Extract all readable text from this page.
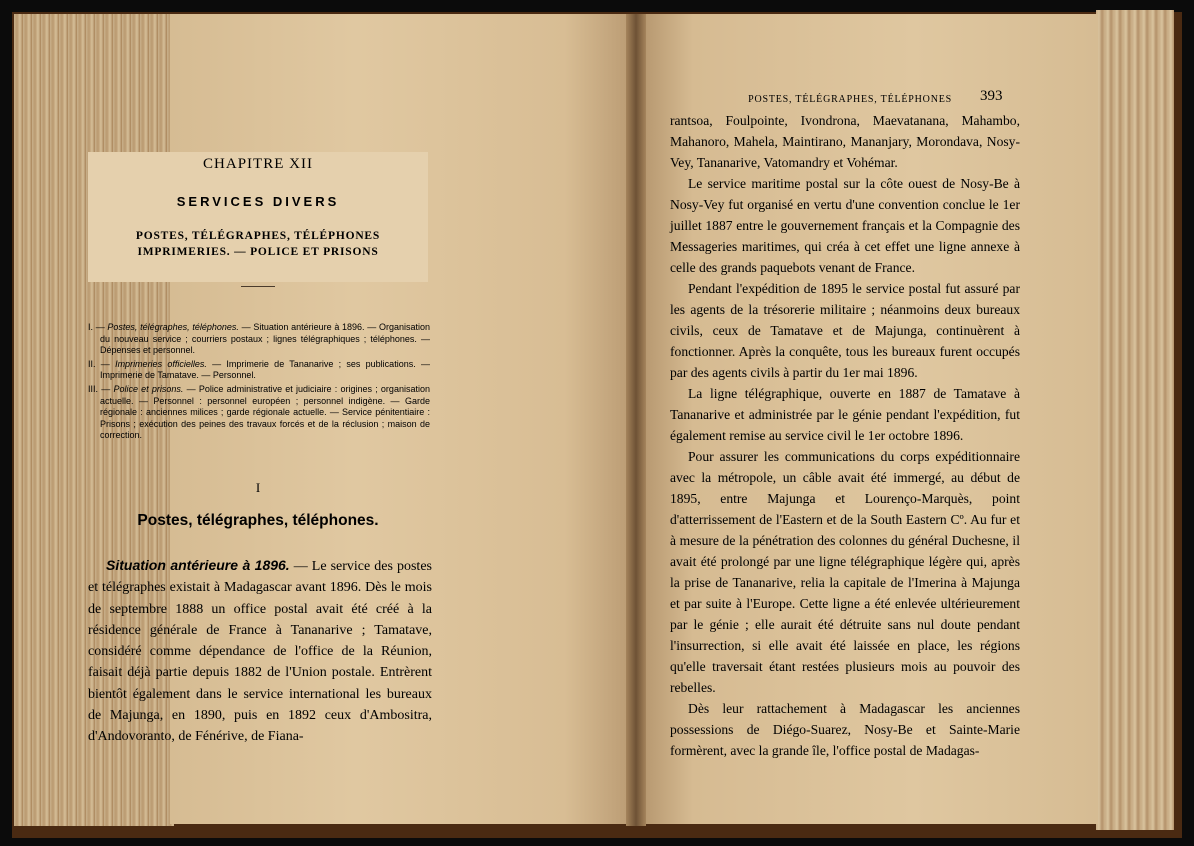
CHAPITRE XII
SERVICES DIVERS
POSTES, TÉLÉGRAPHES, TÉLÉPHONES
IMPRIMERIES. — POLICE ET PRISONS

I. — Postes, télégraphes, téléphones. — Situation antérieure à 1896. — Organisation du nouveau service ; courriers postaux ; lignes télégraphiques ; téléphones. — Dépenses et personnel.

II. — Imprimeries officielles. — Imprimerie de Tananarive ; ses publications. — Imprimerie de Tamatave. — Personnel.

III. — Police et prisons. — Police administrative et judiciaire : origines ; organisation actuelle. — Personnel : personnel européen ; personnel indigène. — Garde régionale : anciennes milices ; garde régionale actuelle. — Service pénitentiaire : Prisons ; exécution des peines des travaux forcés et de la réclusion ; maison de correction.

I
Postes, télégraphes, téléphones.

Situation antérieure à 1896. — Le service des postes et télégraphes existait à Madagascar avant 1896. Dès le mois de septembre 1888 un office postal avait été créé à la résidence générale de France à Tananarive ; Tamatave, considéré comme dépendance de l'office de la Réunion, faisait déjà partie depuis 1882 de l'Union postale. Entrèrent bientôt également dans le service international les bureaux de Majunga, en 1890, puis en 1892 ceux d'Ambositra, d'Andovoranto, de Fénérive, de Fiana-

POSTES, TÉLÉGRAPHES, TÉLÉPHONES 393

rantsoa, Foulpointe, Ivondrona, Maevatanana, Mahambo, Mahanoro, Mahela, Maintirano, Mananjary, Morondava, Nosy-Vey, Tananarive, Vatomandry et Vohémar.

Le service maritime postal sur la côte ouest de Nosy-Be à Nosy-Vey fut organisé en vertu d'une convention conclue le 1er juillet 1887 entre le gouvernement français et la Compagnie des Messageries maritimes, qui créa à cet effet une ligne annexe à celle des grands paquebots venant de France.

Pendant l'expédition de 1895 le service postal fut assuré par les agents de la trésorerie militaire ; néanmoins deux bureaux civils, ceux de Tamatave et de Majunga, continuèrent à fonctionner. Après la conquête, tous les bureaux furent occupés par des agents civils à partir du 1er mai 1896.

La ligne télégraphique, ouverte en 1887 de Tamatave à Tananarive et administrée par le génie pendant l'expédition, fut également remise au service civil le 1er octobre 1896.

Pour assurer les communications du corps expéditionnaire avec la métropole, un câble avait été immergé, au début de 1895, entre Majunga et Lourenço-Marquès, point d'atterrissement de l'Eastern et de la South Eastern Cº. Au fur et à mesure de la pénétration des colonnes du général Duchesne, il avait été prolongé par une ligne télégraphique légère qui, après la prise de Tananarive, relia la capitale de l'Imerina à Majunga et par suite à l'Europe. Cette ligne a été enlevée ultérieurement par le génie ; elle aurait été détruite sans nul doute pendant l'insurrection, si elle avait été laissée en place, les régions qu'elle traversait étant restées plusieurs mois au pouvoir des rebelles.

Dès leur rattachement à Madagascar les anciennes possessions de Diégo-Suarez, Nosy-Be et Sainte-Marie formèrent, avec la grande île, l'office postal de Madagas-
